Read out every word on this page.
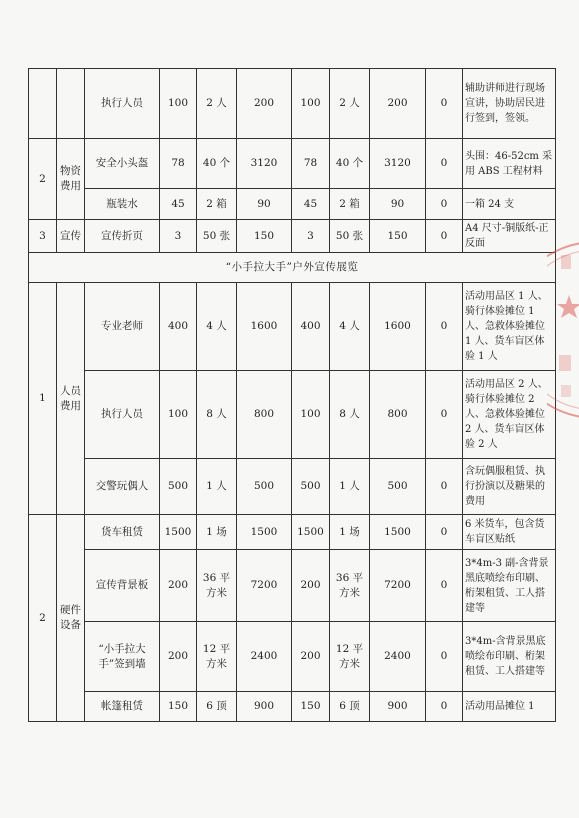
		执行人员	100	2 人	200	100	2 人	200	0	辅助讲师进行现场宣讲，协助居民进行签到，签领。
2	物资费用	安全小头盔	78	40 个	3120	78	40 个	3120	0	头围：46-52cm 采用 ABS 工程材料
		瓶装水	45	2 箱	90	45	2 箱	90	0	一箱 24 支
3	宣传	宣传折页	3	50 张	150	3	50 张	150	0	A4 尺寸-铜版纸-正反面
“小手拉大手”户外宣传展览										
1	人员费用	专业老师	400	4 人	1600	400	4 人	1600	0	活动用品区 1 人、骑行体验摊位 1 人、急救体验摊位 1 人、货车盲区体验 1 人
		执行人员	100	8 人	800	100	8 人	800	0	活动用品区 2 人、骑行体验摊位 2 人、急救体验摊位 2 人、货车盲区体验 2 人
		交警玩偶人	500	1 人	500	500	1 人	500	0	含玩偶服租赁、执行扮演以及糖果的费用
2	硬件设备	货车租赁	1500	1 场	1500	1500	1 场	1500	0	6 米货车，包含货车盲区贴纸
		宣传背景板	200	36 平方米	7200	200	36 平方米	7200	0	3*4m-3 副-含背景黑底喷绘布印刷、桁架租赁、工人搭建等
		“小手拉大手”签到墙	200	12 平方米	2400	200	12 平方米	2400	0	3*4m-含背景黑底喷绘布印刷、桁架租赁、工人搭建等
		帐篷租赁	150	6 顶	900	150	6 顶	900	0	活动用品摊位 1
